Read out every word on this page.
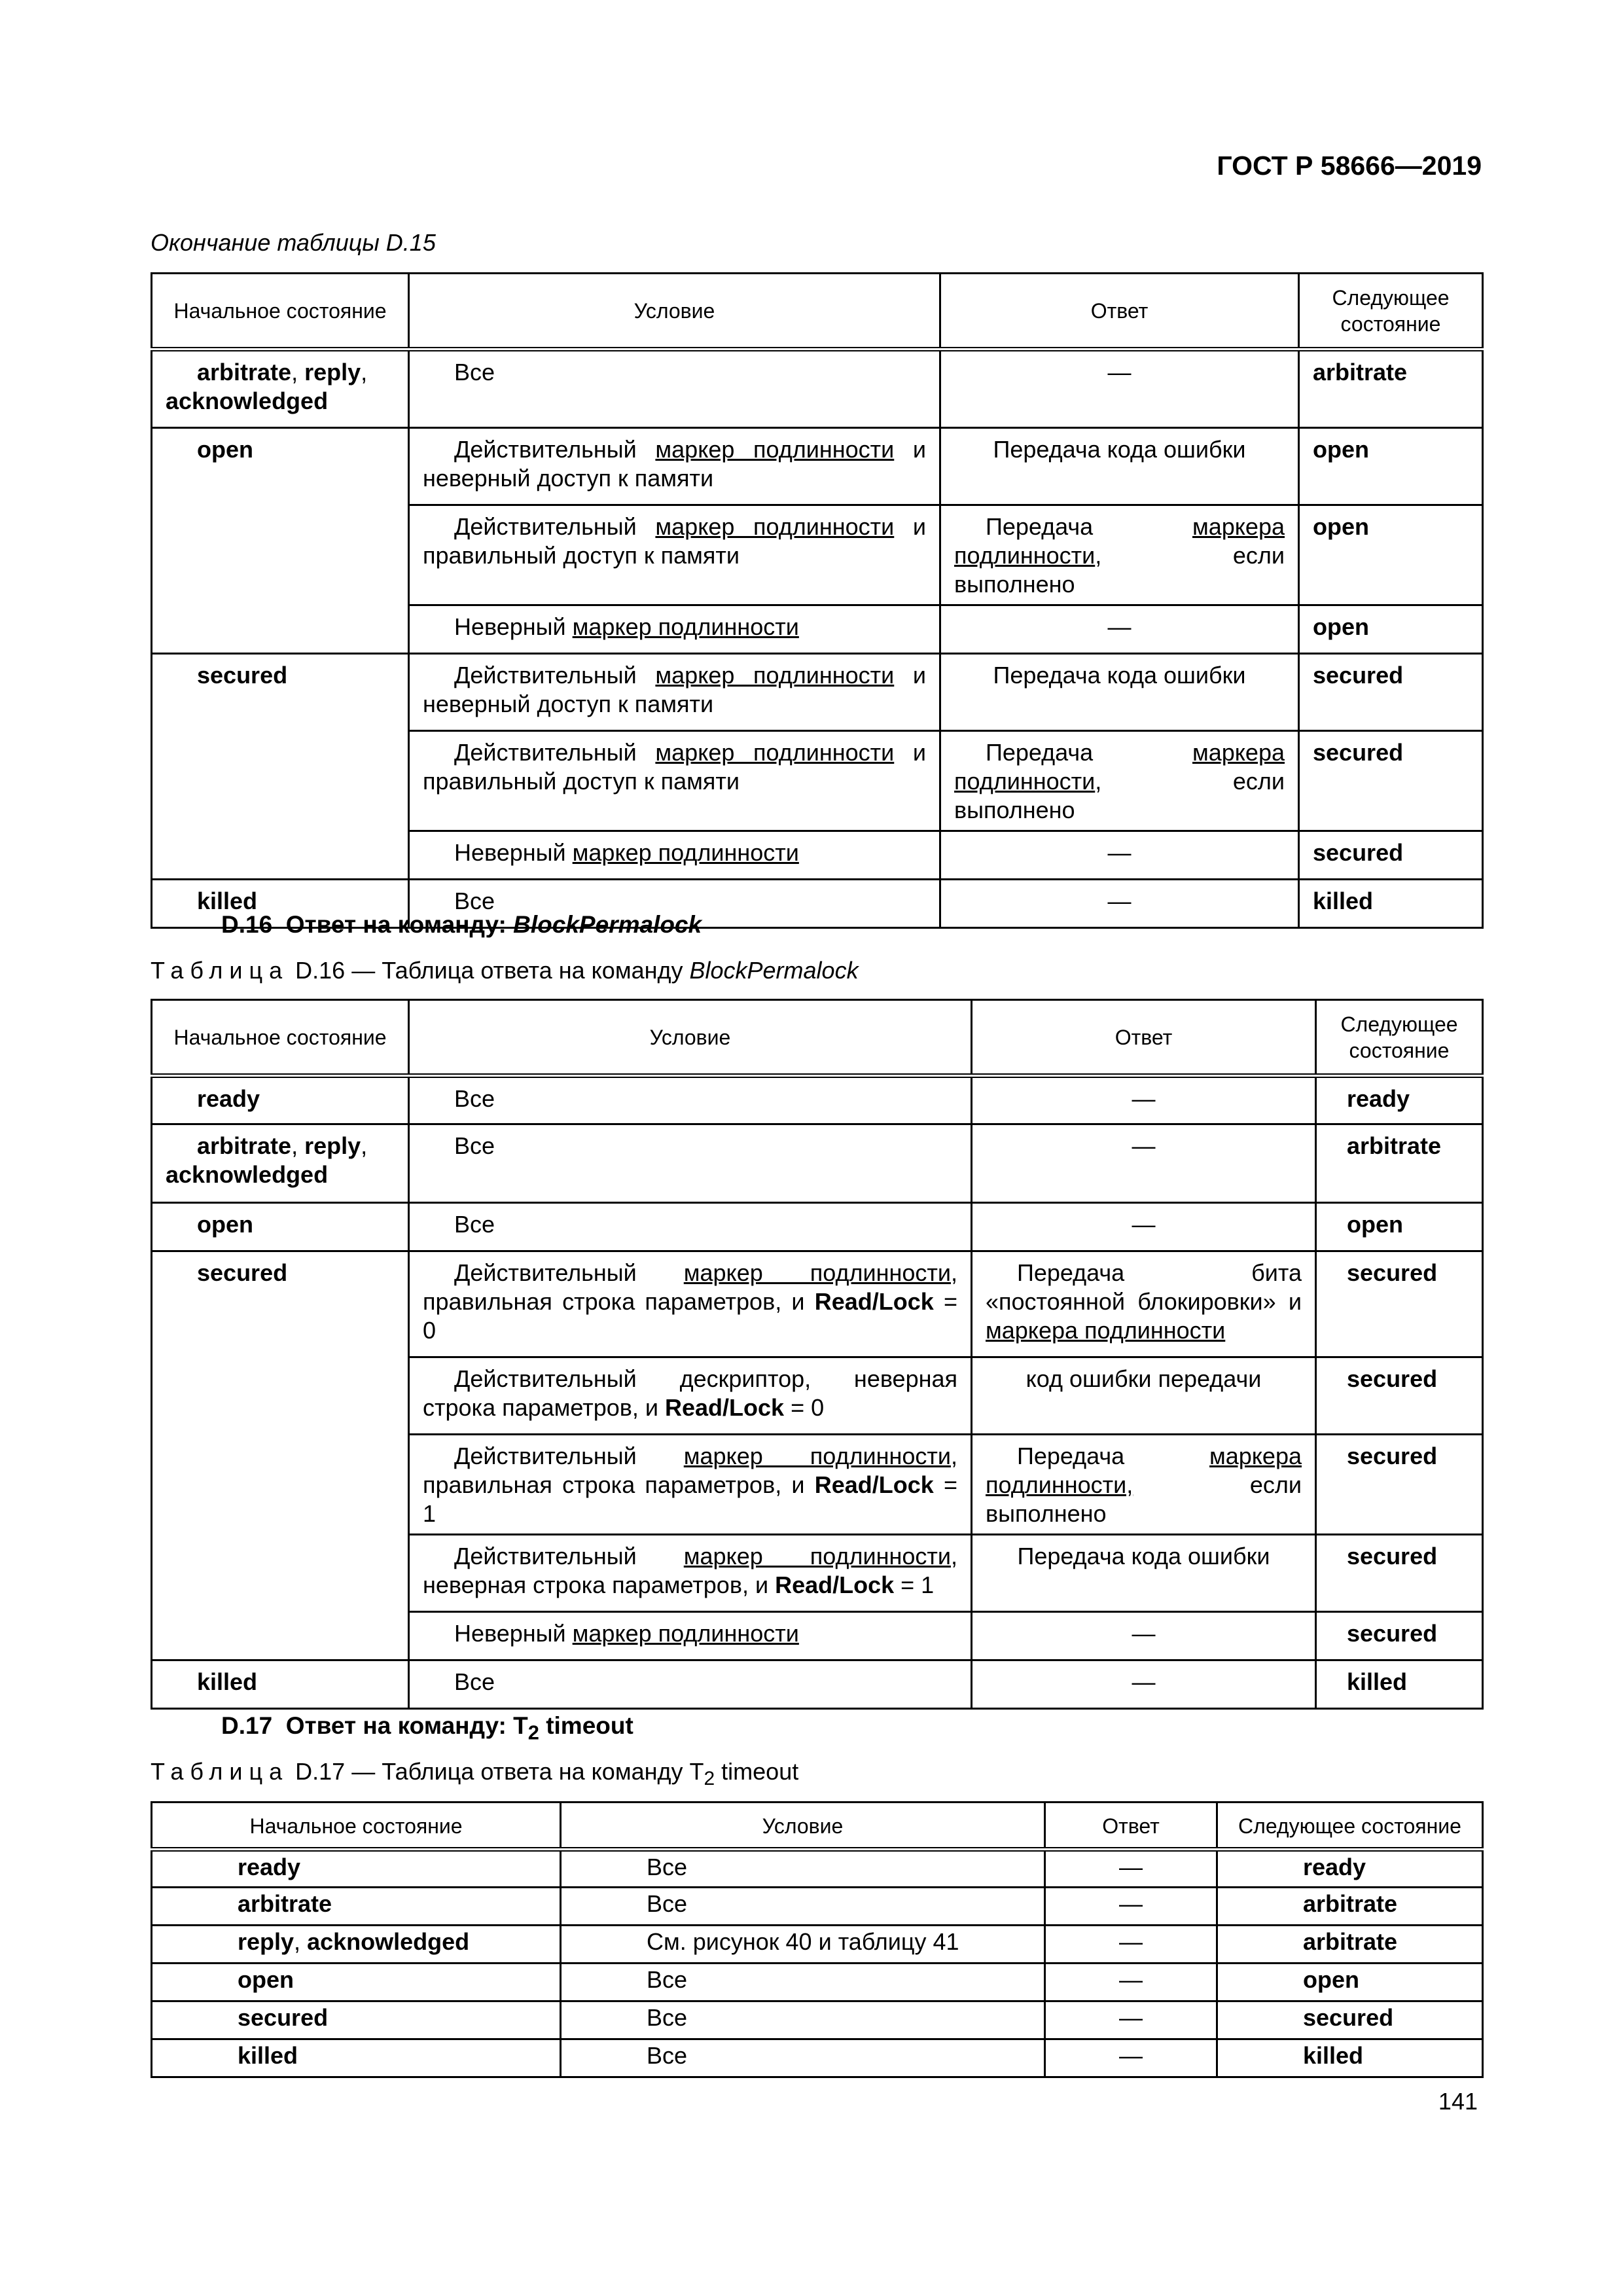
ГОСТ Р 58666—2019
Окончание таблицы D.15
Начальное состояние	Условие	Ответ	Следующее состояние
arbitrate, reply,
acknowledged	Все	—	arbitrate
open	Действительный маркер подлинности и неверный доступ к памяти	Передача кода ошибки	open
	Действительный маркер подлинности и правильный доступ к памяти	Передача маркера подлинности, если выполнено	open
	Неверный маркер подлинности	—	open
secured	Действительный маркер подлинности и неверный доступ к памяти	Передача кода ошибки	secured
	Действительный маркер подлинности и правильный доступ к памяти	Передача маркера подлинности, если выполнено	secured
	Неверный маркер подлинности	—	secured
killed	Все	—	killed
D.16 Ответ на команду: BlockPermalock
Таблица D.16 — Таблица ответа на команду BlockPermalock
Начальное состояние	Условие	Ответ	Следующее состояние
ready	Все	—	ready
arbitrate, reply,
acknowledged	Все	—	arbitrate
open	Все	—	open
secured	Действительный маркер подлинности, правильная строка параметров, и Read/Lock = 0	Передача бита «постоянной блокировки» и маркера подлинности	secured
	Действительный дескриптор, неверная строка параметров, и Read/Lock = 0	код ошибки передачи	secured
	Действительный маркер подлинности, правильная строка параметров, и Read/Lock = 1	Передача маркера подлинности, если выполнено	secured
	Действительный маркер подлинности, неверная строка параметров, и Read/Lock = 1	Передача кода ошибки	secured
	Неверный маркер подлинности	—	secured
killed	Все	—	killed
D.17 Ответ на команду: $T_2$ timeout
Таблица D.17 — Таблица ответа на команду $T_2$ timeout
Начальное состояние	Условие	Ответ	Следующее состояние
ready	Все	—	ready
arbitrate	Все	—	arbitrate
reply, acknowledged	См. рисунок 40 и таблицу 41	—	arbitrate
open	Все	—	open
secured	Все	—	secured
killed	Все	—	killed
141
